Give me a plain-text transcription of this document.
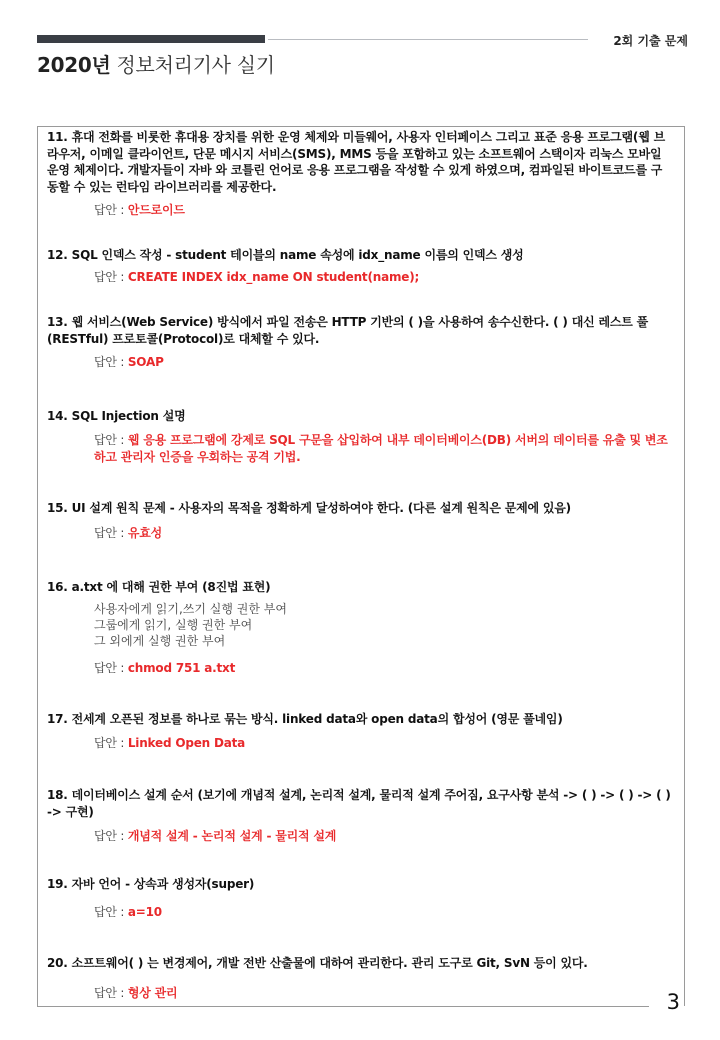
2회 기출 문제
2020년 정보처리기사 실기
3
11. 휴대 전화를 비롯한 휴대용 장치를 위한 운영 체제와 미들웨어, 사용자 인터페이스 그리고 표준 응용 프로그램(웹 브라우저, 이메일 클라이언트, 단문 메시지 서비스(SMS), MMS 등을 포함하고 있는 소프트웨어 스택이자 리눅스 모바일 운영 체제이다. 개발자들이 자바 와 코틀린 언어로 응용 프로그램을 작성할 수 있게 하였으며, 컴파일된 바이트코드를 구동할 수 있는 런타임 라이브러리를 제공한다.
답안 : 안드로이드
12. SQL 인덱스 작성 - student 테이블의 name 속성에 idx_name 이름의 인덱스 생성
답안 : CREATE INDEX idx_name ON student(name);
13. 웹 서비스(Web Service) 방식에서 파일 전송은 HTTP 기반의 ( )을 사용하여 송수신한다. ( ) 대신 레스트 풀(RESTful) 프로토콜(Protocol)로 대체할 수 있다.
답안 : SOAP
14. SQL Injection 설명
답안 : 웹 응용 프로그램에 강제로 SQL 구문을 삽입하여 내부 데이터베이스(DB) 서버의 데이터를 유출 및 변조하고 관리자 인증을 우회하는 공격 기법.
15. UI 설계 원칙 문제 - 사용자의 목적을 정확하게 달성하여야 한다. (다른 설계 원칙은 문제에 있음)
답안 : 유효성
16. a.txt 에 대해 권한 부여 (8진법 표현)
사용자에게 읽기,쓰기 실행 권한 부여
그룹에게 읽기, 실행 권한 부여
그 외에게 실행 권한 부여
답안 : chmod 751 a.txt
17. 전세계 오픈된 정보를 하나로 묶는 방식. linked data와 open data의 합성어 (영문 풀네임)
답안 : Linked Open Data
18. 데이터베이스 설계 순서 (보기에 개념적 설계, 논리적 설계, 물리적 설계 주어짐, 요구사항 분석 -> ( ) -> ( ) -> ( ) -> 구현)
답안 : 개념적 설계 - 논리적 설계 - 물리적 설계
19. 자바 언어 - 상속과 생성자(super)
답안 : a=10
20. 소프트웨어( ) 는 변경제어, 개발 전반 산출물에 대하여 관리한다. 관리 도구로 Git, SvN 등이 있다.
답안 : 형상 관리
